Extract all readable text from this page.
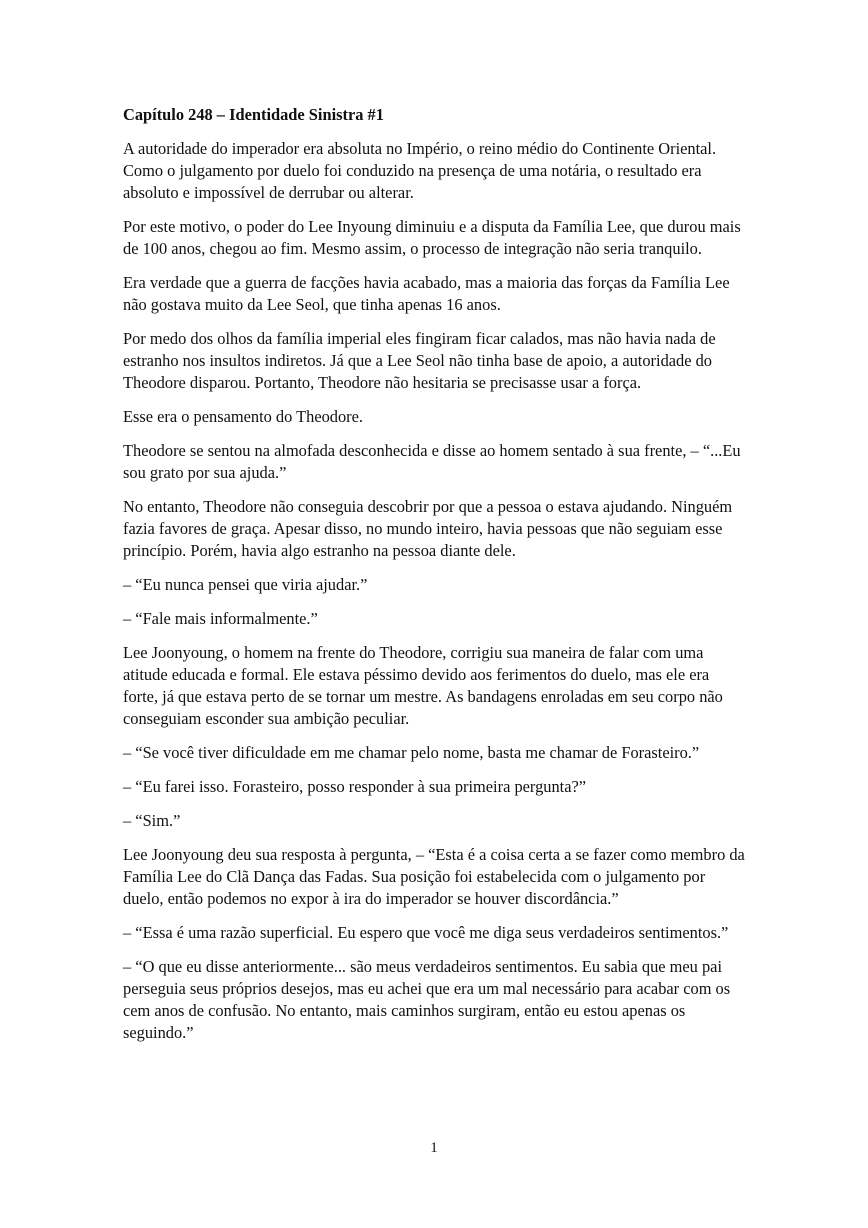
Capítulo 248 – Identidade Sinistra #1

A autoridade do imperador era absoluta no Império, o reino médio do Continente Oriental. Como o julgamento por duelo foi conduzido na presença de uma notária, o resultado era absoluto e impossível de derrubar ou alterar.

Por este motivo, o poder do Lee Inyoung diminuiu e a disputa da Família Lee, que durou mais de 100 anos, chegou ao fim. Mesmo assim, o processo de integração não seria tranquilo.

Era verdade que a guerra de facções havia acabado, mas a maioria das forças da Família Lee não gostava muito da Lee Seol, que tinha apenas 16 anos.

Por medo dos olhos da família imperial eles fingiram ficar calados, mas não havia nada de estranho nos insultos indiretos. Já que a Lee Seol não tinha base de apoio, a autoridade do Theodore disparou. Portanto, Theodore não hesitaria se precisasse usar a força.

Esse era o pensamento do Theodore.

Theodore se sentou na almofada desconhecida e disse ao homem sentado à sua frente, – “...Eu sou grato por sua ajuda.”

No entanto, Theodore não conseguia descobrir por que a pessoa o estava ajudando. Ninguém fazia favores de graça. Apesar disso, no mundo inteiro, havia pessoas que não seguiam esse princípio. Porém, havia algo estranho na pessoa diante dele.

– “Eu nunca pensei que viria ajudar.”

– “Fale mais informalmente.”

Lee Joonyoung, o homem na frente do Theodore, corrigiu sua maneira de falar com uma atitude educada e formal. Ele estava péssimo devido aos ferimentos do duelo, mas ele era forte, já que estava perto de se tornar um mestre. As bandagens enroladas em seu corpo não conseguiam esconder sua ambição peculiar.

– “Se você tiver dificuldade em me chamar pelo nome, basta me chamar de Forasteiro.”

– “Eu farei isso. Forasteiro, posso responder à sua primeira pergunta?”

– “Sim.”

Lee Joonyoung deu sua resposta à pergunta, – “Esta é a coisa certa a se fazer como membro da Família Lee do Clã Dança das Fadas. Sua posição foi estabelecida com o julgamento por duelo, então podemos no expor à ira do imperador se houver discordância.”

– “Essa é uma razão superficial. Eu espero que você me diga seus verdadeiros sentimentos.”

– “O que eu disse anteriormente... são meus verdadeiros sentimentos. Eu sabia que meu pai perseguia seus próprios desejos, mas eu achei que era um mal necessário para acabar com os cem anos de confusão. No entanto, mais caminhos surgiram, então eu estou apenas os seguindo.”

1
